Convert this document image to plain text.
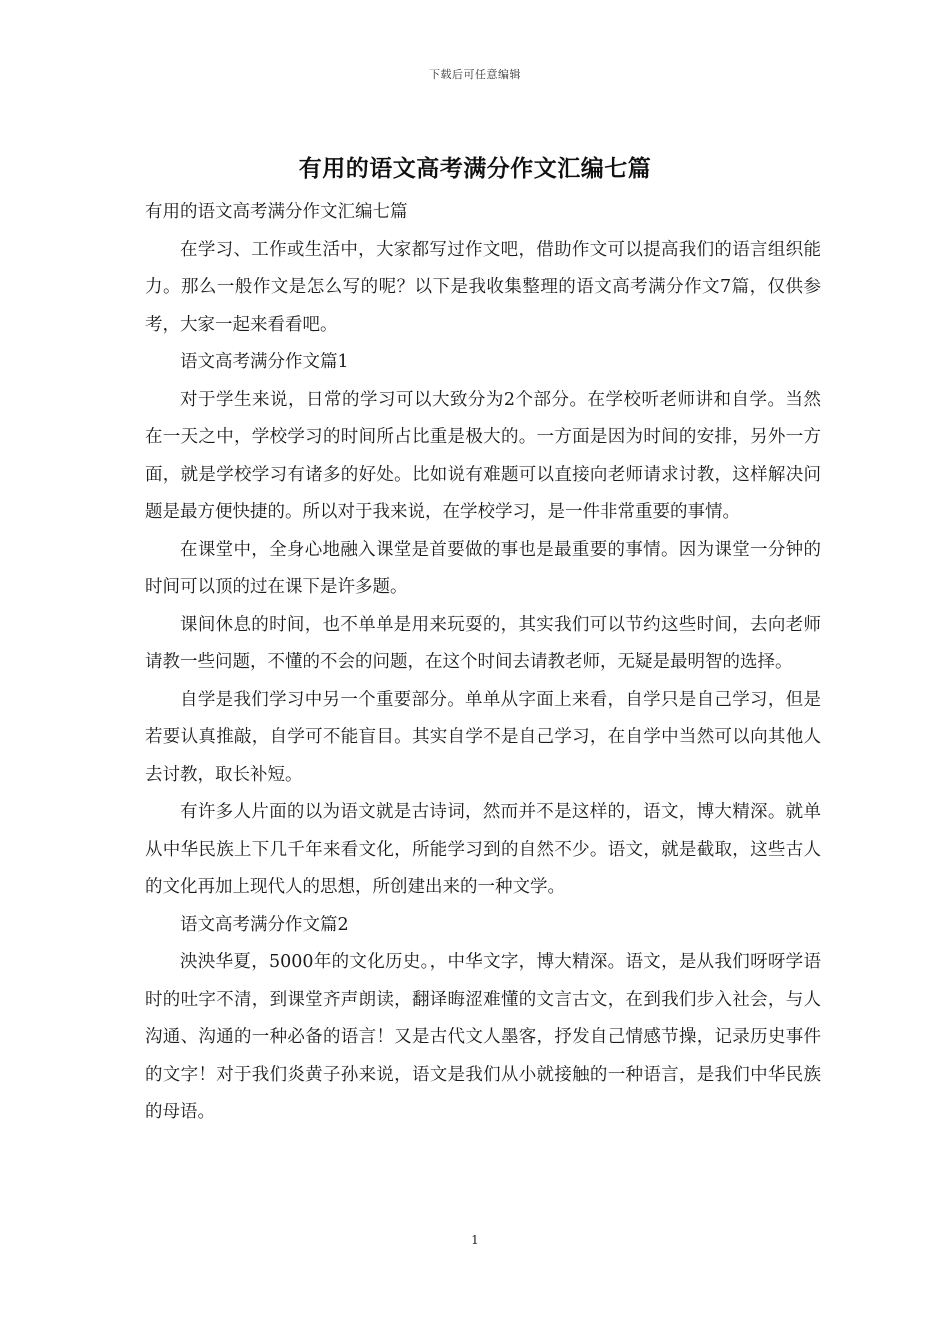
下载后可任意编辑
有用的语文高考满分作文汇编七篇

有用的语文高考满分作文汇编七篇

在学习、工作或生活中，大家都写过作文吧，借助作文可以提高我们的语言组织能力。那么一般作文是怎么写的呢？以下是我收集整理的语文高考满分作文7篇，仅供参考，大家一起来看看吧。

语文高考满分作文篇1

对于学生来说，日常的学习可以大致分为2个部分。在学校听老师讲和自学。当然在一天之中，学校学习的时间所占比重是极大的。一方面是因为时间的安排，另外一方面，就是学校学习有诸多的好处。比如说有难题可以直接向老师请求讨教，这样解决问题是最方便快捷的。所以对于我来说，在学校学习，是一件非常重要的事情。

在课堂中，全身心地融入课堂是首要做的事也是最重要的事情。因为课堂一分钟的时间可以顶的过在课下是许多题。

课间休息的时间，也不单单是用来玩耍的，其实我们可以节约这些时间，去向老师请教一些问题，不懂的不会的问题，在这个时间去请教老师，无疑是最明智的选择。

自学是我们学习中另一个重要部分。单单从字面上来看，自学只是自己学习，但是若要认真推敲，自学可不能盲目。其实自学不是自己学习，在自学中当然可以向其他人去讨教，取长补短。

有许多人片面的以为语文就是古诗词，然而并不是这样的，语文，博大精深。就单从中华民族上下几千年来看文化，所能学习到的自然不少。语文，就是截取，这些古人的文化再加上现代人的思想，所创建出来的一种文学。

语文高考满分作文篇2

泱泱华夏，5000年的文化历史。，中华文字，博大精深。语文，是从我们呀呀学语时的吐字不清，到课堂齐声朗读，翻译晦涩难懂的文言古文，在到我们步入社会，与人沟通、沟通的一种必备的语言！又是古代文人墨客，抒发自己情感节操，记录历史事件的文字！对于我们炎黄子孙来说，语文是我们从小就接触的一种语言，是我们中华民族的母语。

1
